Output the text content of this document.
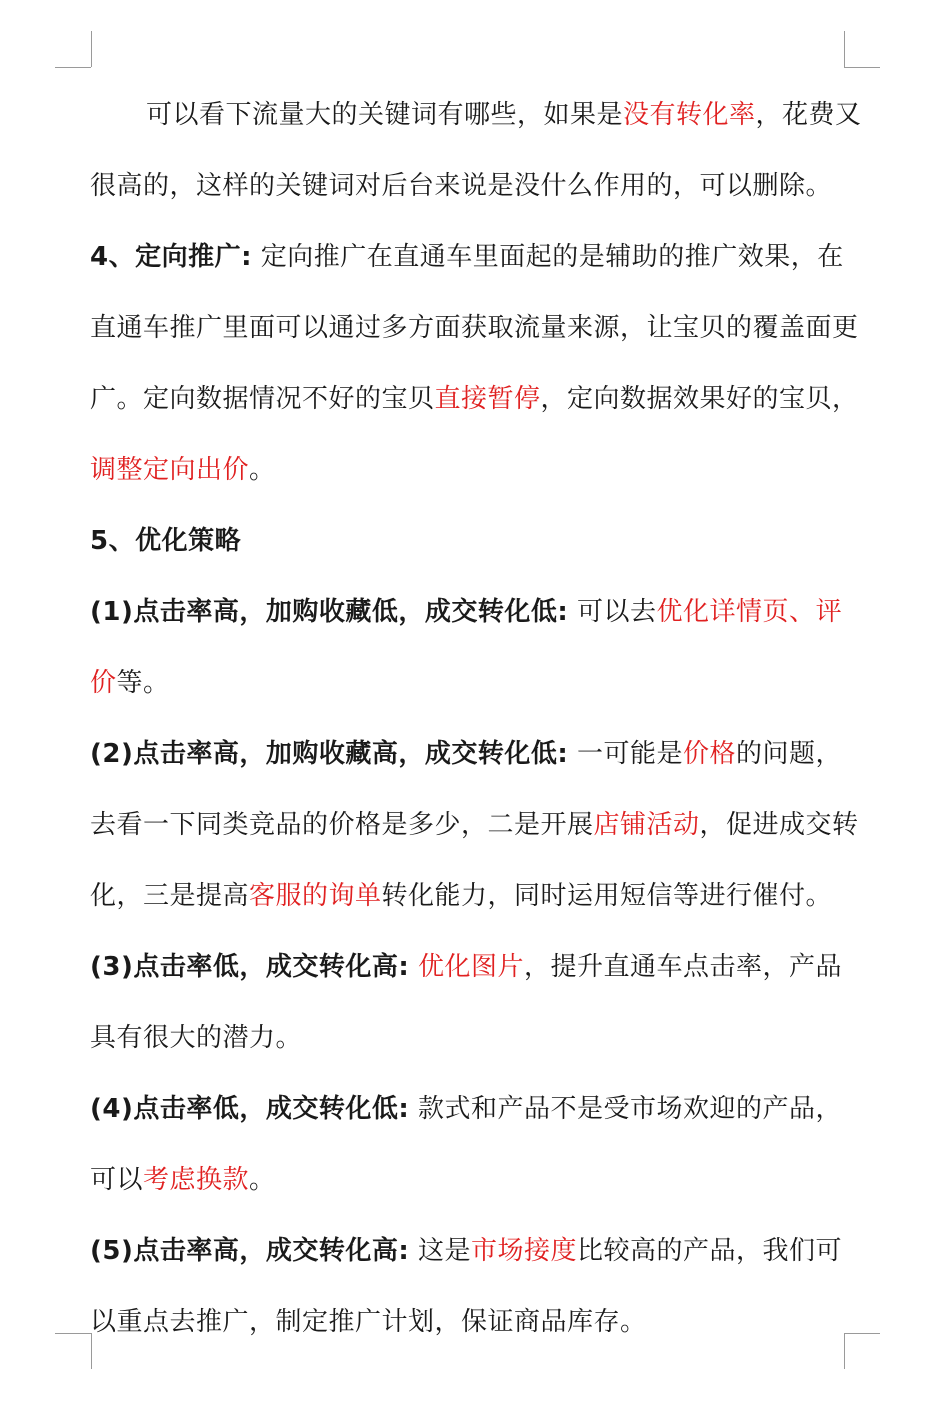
可以看下流量大的关键词有哪些，如果是没有转化率，花费又很高的，这样的关键词对后台来说是没什么作用的，可以删除。

4、定向推广: 定向推广在直通车里面起的是辅助的推广效果，在直通车推广里面可以通过多方面获取流量来源，让宝贝的覆盖面更广。定向数据情况不好的宝贝直接暂停，定向数据效果好的宝贝，调整定向出价。

5、优化策略

(1)点击率高，加购收藏低，成交转化低: 可以去优化详情页、评价等。

(2)点击率高，加购收藏高，成交转化低: 一可能是价格的问题，去看一下同类竞品的价格是多少，二是开展店铺活动，促进成交转化，三是提高客服的询单转化能力，同时运用短信等进行催付。

(3)点击率低，成交转化高: 优化图片，提升直通车点击率，产品具有很大的潜力。

(4)点击率低，成交转化低: 款式和产品不是受市场欢迎的产品，可以考虑换款。

(5)点击率高，成交转化高: 这是市场接度比较高的产品，我们可以重点去推广，制定推广计划，保证商品库存。
